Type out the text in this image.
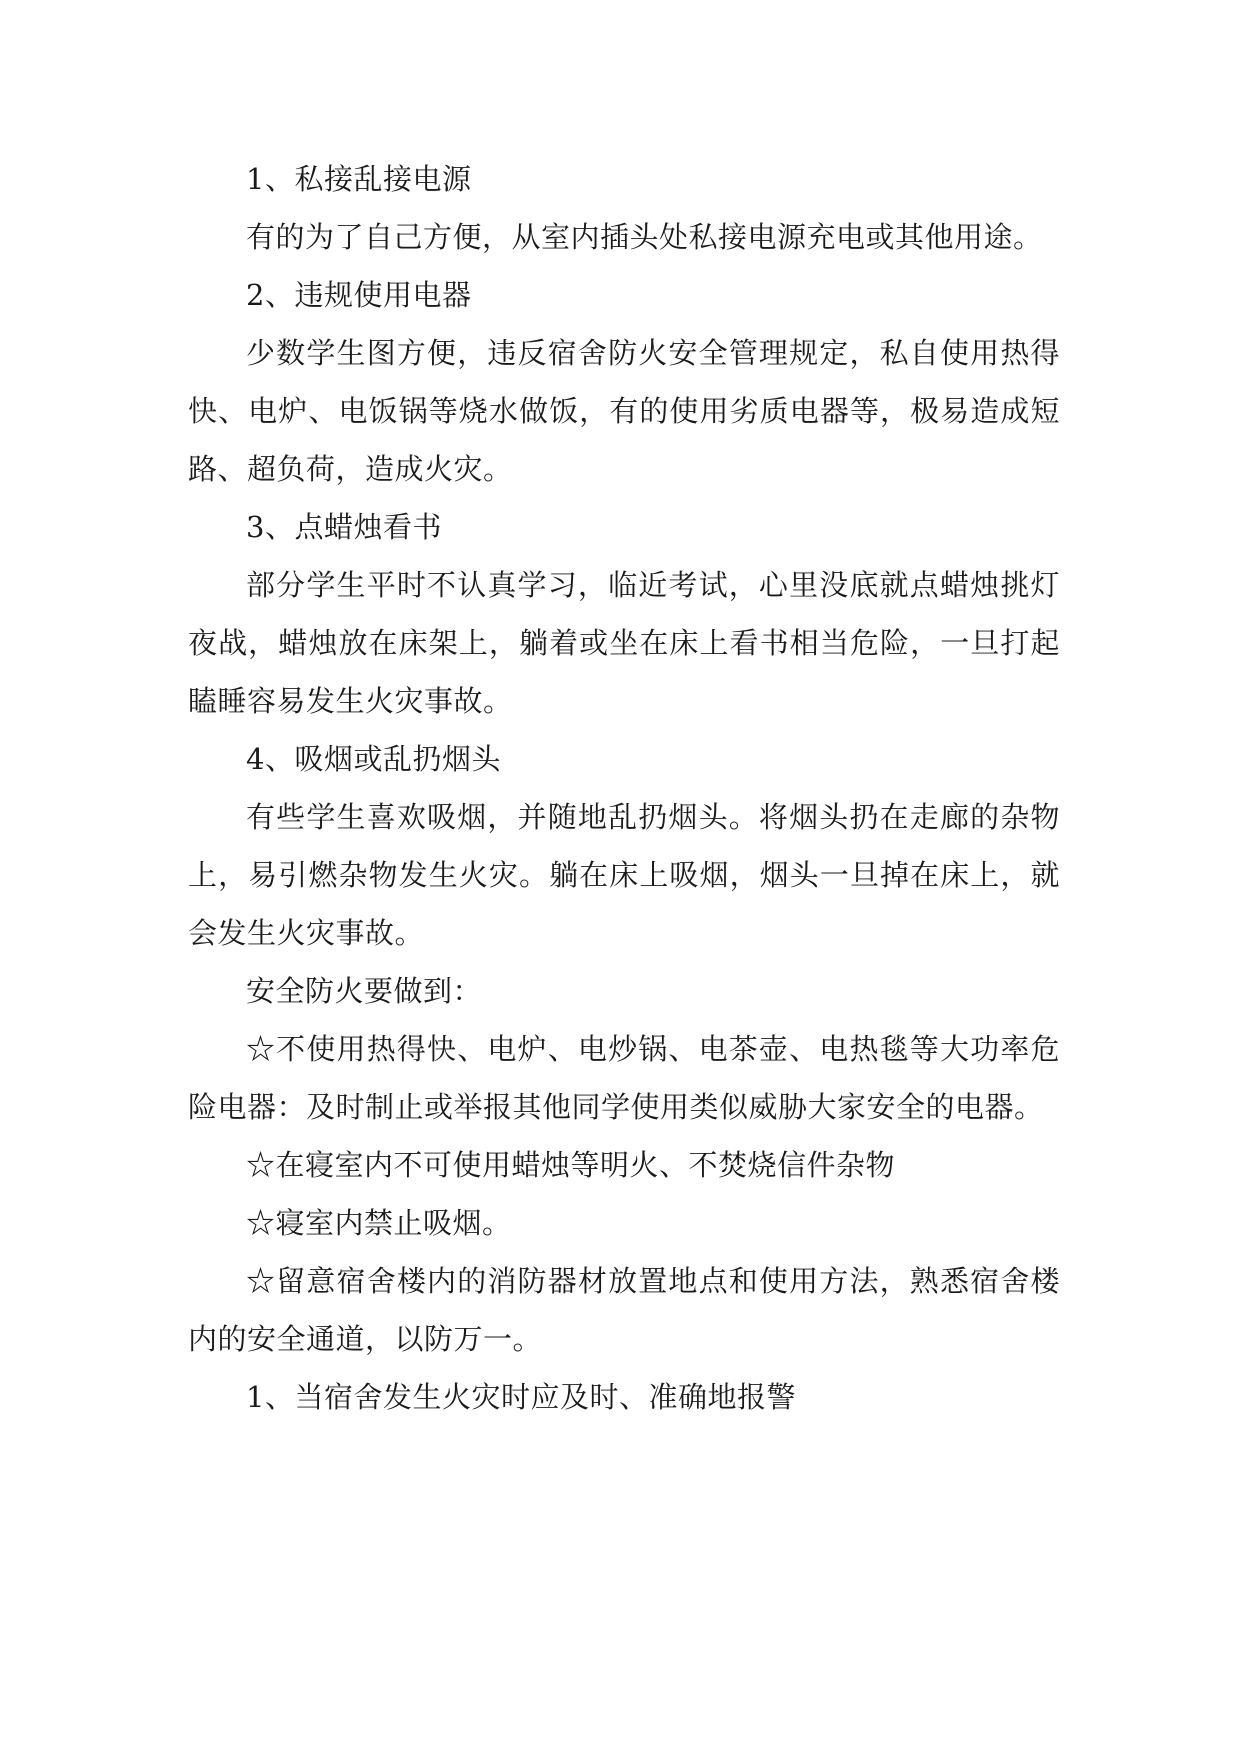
1、私接乱接电源

有的为了自己方便，从室内插头处私接电源充电或其他用途。

2、违规使用电器

少数学生图方便，违反宿舍防火安全管理规定，私自使用热得快、电炉、电饭锅等烧水做饭，有的使用劣质电器等，极易造成短路、超负荷，造成火灾。

3、点蜡烛看书

部分学生平时不认真学习，临近考试，心里没底就点蜡烛挑灯夜战，蜡烛放在床架上，躺着或坐在床上看书相当危险，一旦打起瞌睡容易发生火灾事故。

4、吸烟或乱扔烟头

有些学生喜欢吸烟，并随地乱扔烟头。将烟头扔在走廊的杂物上，易引燃杂物发生火灾。躺在床上吸烟，烟头一旦掉在床上，就会发生火灾事故。

安全防火要做到：

☆不使用热得快、电炉、电炒锅、电茶壶、电热毯等大功率危险电器：及时制止或举报其他同学使用类似威胁大家安全的电器。

☆在寝室内不可使用蜡烛等明火、不焚烧信件杂物

☆寝室内禁止吸烟。

☆留意宿舍楼内的消防器材放置地点和使用方法，熟悉宿舍楼内的安全通道，以防万一。

1、当宿舍发生火灾时应及时、准确地报警
